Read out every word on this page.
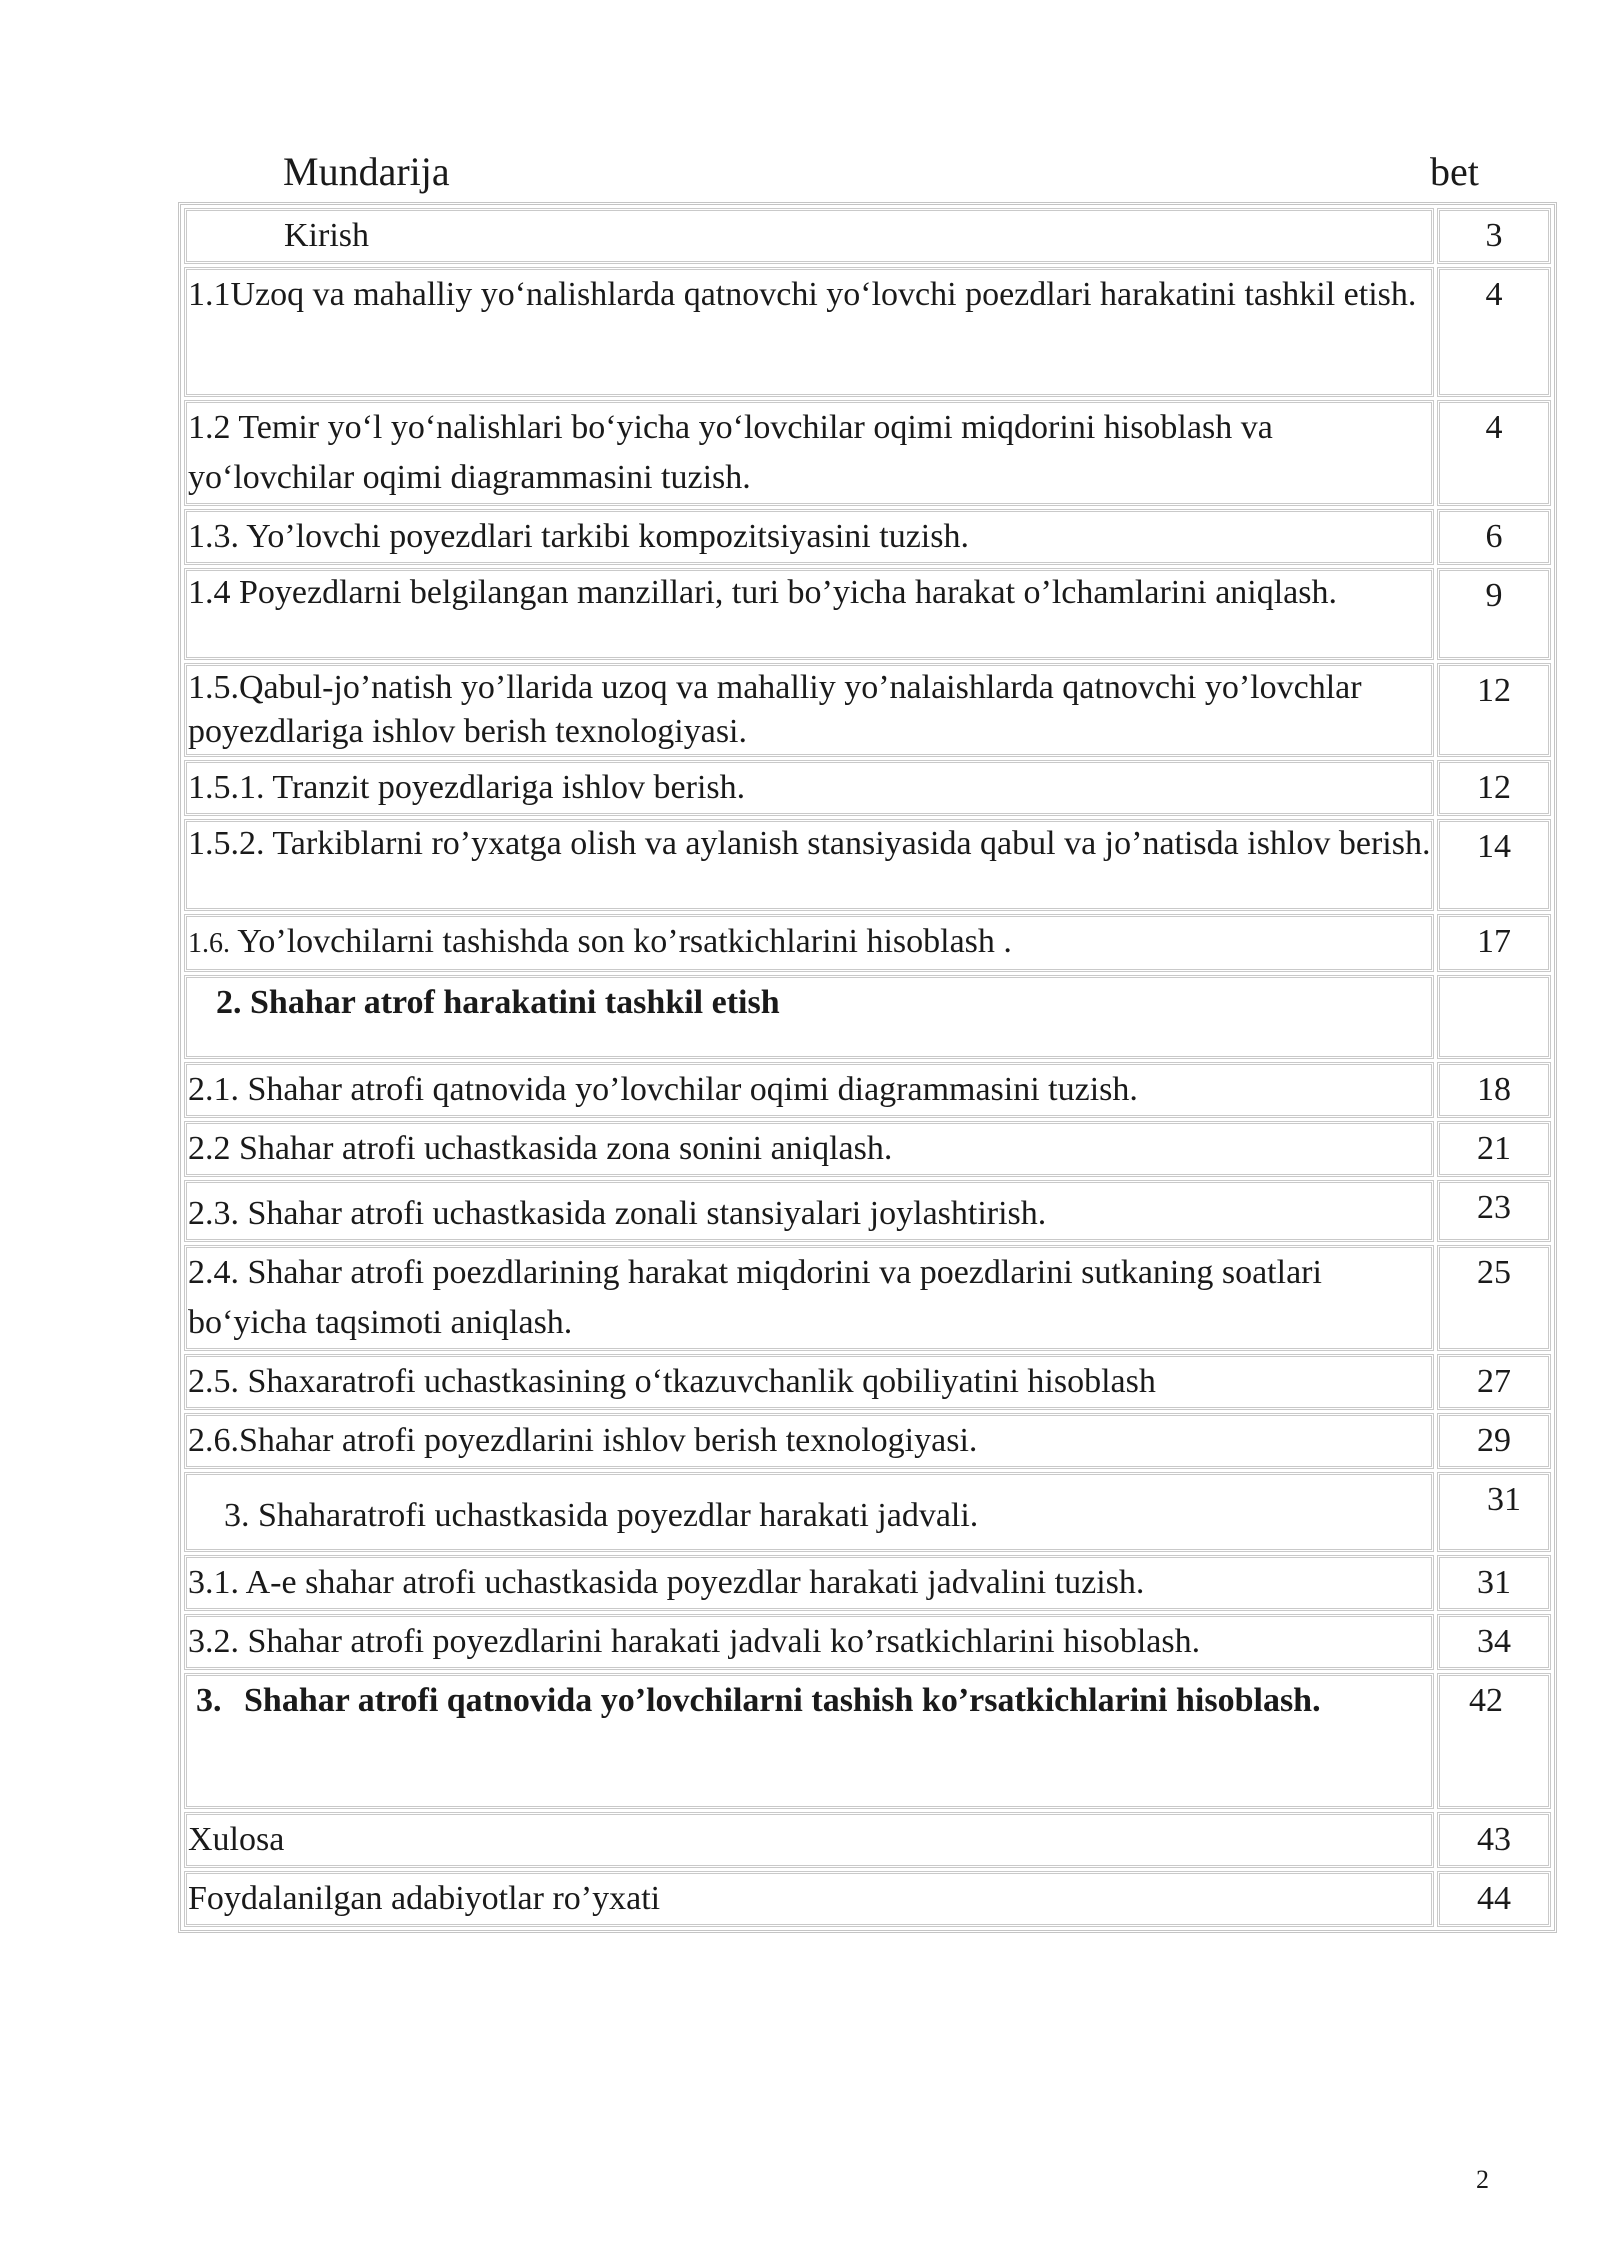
Mundarija	bet
Kirish	3
1.1Uzoq va mahalliy yo‘nalishlarda qatnovchi yo‘lovchi poezdlari harakatini tashkil etish.	4
1.2 Temir yo‘l yo‘nalishlari bo‘yicha yo‘lovchilar oqimi miqdorini hisoblash va yo‘lovchilar oqimi diagrammasini tuzish.	4
1.3. Yo’lovchi poyezdlari tarkibi kompozitsiyasini tuzish.	6
1.4 Poyezdlarni belgilangan manzillari, turi bo’yicha harakat o’lchamlarini aniqlash.	9
1.5.Qabul-jo’natish yo’llarida uzoq va mahalliy yo’nalaishlarda qatnovchi yo’lovchlar poyezdlariga ishlov berish texnologiyasi.	12
1.5.1. Tranzit poyezdlariga ishlov berish.	12
1.5.2. Tarkiblarni ro’yxatga olish va aylanish stansiyasida qabul va jo’natisda ishlov berish.	14
1.6. Yo’lovchilarni tashishda son ko’rsatkichlarini hisoblash .	17
2. Shahar atrof harakatini tashkil etish	
2.1. Shahar atrofi qatnovida yo’lovchilar oqimi diagrammasini tuzish.	18
2.2 Shahar atrofi uchastkasida zona sonini aniqlash.	21
2.3. Shahar atrofi uchastkasida zonali stansiyalari joylashtirish.	23
2.4. Shahar atrofi poezdlarining harakat miqdorini va poezdlarini sutkaning soatlari bo‘yicha taqsimoti aniqlash.	25
2.5. Shaxaratrofi uchastkasining o‘tkazuvchanlik qobiliyatini hisoblash	27
2.6.Shahar atrofi poyezdlarini ishlov berish texnologiyasi.	29
3. Shaharatrofi uchastkasida poyezdlar harakati jadvali.	31
3.1. A-e shahar atrofi uchastkasida poyezdlar harakati jadvalini tuzish.	31
3.2. Shahar atrofi poyezdlarini harakati jadvali ko’rsatkichlarini hisoblash.	34

3. Shahar atrofi qatnovida yo’lovchilarni tashish ko’rsatkichlarini hisoblash.	42
Xulosa	43
Foydalanilgan adabiyotlar ro’yxati	44
2
